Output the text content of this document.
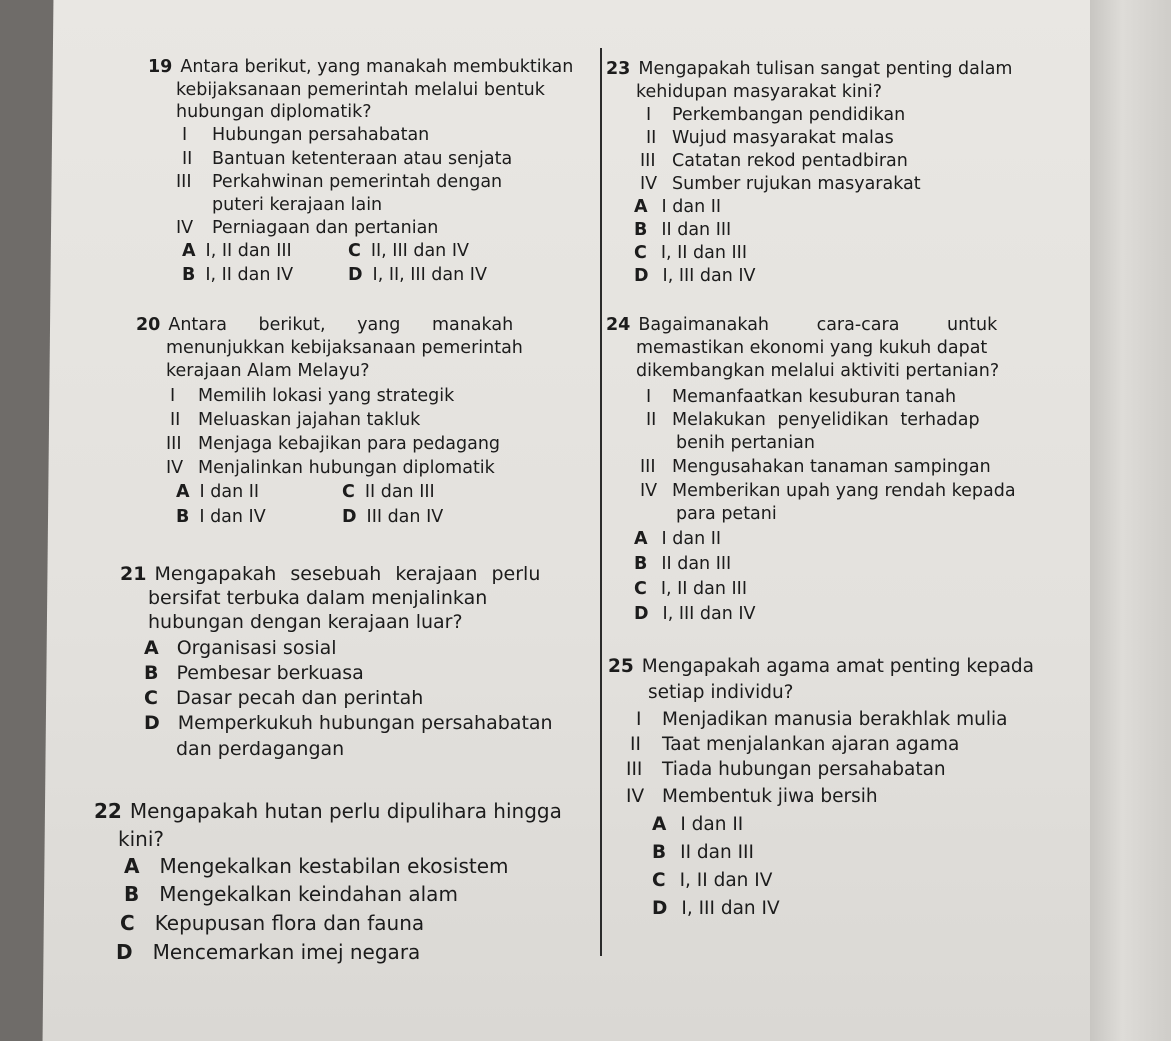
19 Antara berikut, yang manakah membuktikan
kebijaksanaan pemerintah melalui bentuk
hubungan diplomatik?
I Hubungan persahabatan
II Bantuan ketenteraan atau senjata
III Perkahwinan pemerintah dengan
puteri kerajaan lain
IV Perniagaan dan pertanian
A I, II dan III	C II, III dan IV
B I, II dan IV	D I, II, III dan IV
20 Antara berikut, yang manakah
menunjukkan kebijaksanaan pemerintah
kerajaan Alam Melayu?
I Memilih lokasi yang strategik
II Meluaskan jajahan takluk
III Menjaga kebajikan para pedagang
IV Menjalinkan hubungan diplomatik
A I dan II	C II dan III
B I dan IV	D III dan IV
21 Mengapakah sesebuah kerajaan perlu
bersifat terbuka dalam menjalinkan
hubungan dengan kerajaan luar?
A Organisasi sosial
B Pembesar berkuasa
C Dasar pecah dan perintah
D Memperkukuh hubungan persahabatan
dan perdagangan
22 Mengapakah hutan perlu dipulihara hingga
kini?
A Mengekalkan kestabilan ekosistem
B Mengekalkan keindahan alam
C Kepupusan flora dan fauna
D Mencemarkan imej negara
23 Mengapakah tulisan sangat penting dalam
kehidupan masyarakat kini?
I Perkembangan pendidikan
II Wujud masyarakat malas
III Catatan rekod pentadbiran
IV Sumber rujukan masyarakat
A I dan II
B II dan III
C I, II dan III
D I, III dan IV
24 Bagaimanakah cara-cara untuk
memastikan ekonomi yang kukuh dapat
dikembangkan melalui aktiviti pertanian?
I Memanfaatkan kesuburan tanah
II Melakukan penyelidikan terhadap
benih pertanian
III Mengusahakan tanaman sampingan
IV Memberikan upah yang rendah kepada
para petani
A I dan II
B II dan III
C I, II dan III
D I, III dan IV
25 Mengapakah agama amat penting kepada
setiap individu?
I Menjadikan manusia berakhlak mulia
II Taat menjalankan ajaran agama
III Tiada hubungan persahabatan
IV Membentuk jiwa bersih
A I dan II
B II dan III
C I, II dan IV
D I, III dan IV
